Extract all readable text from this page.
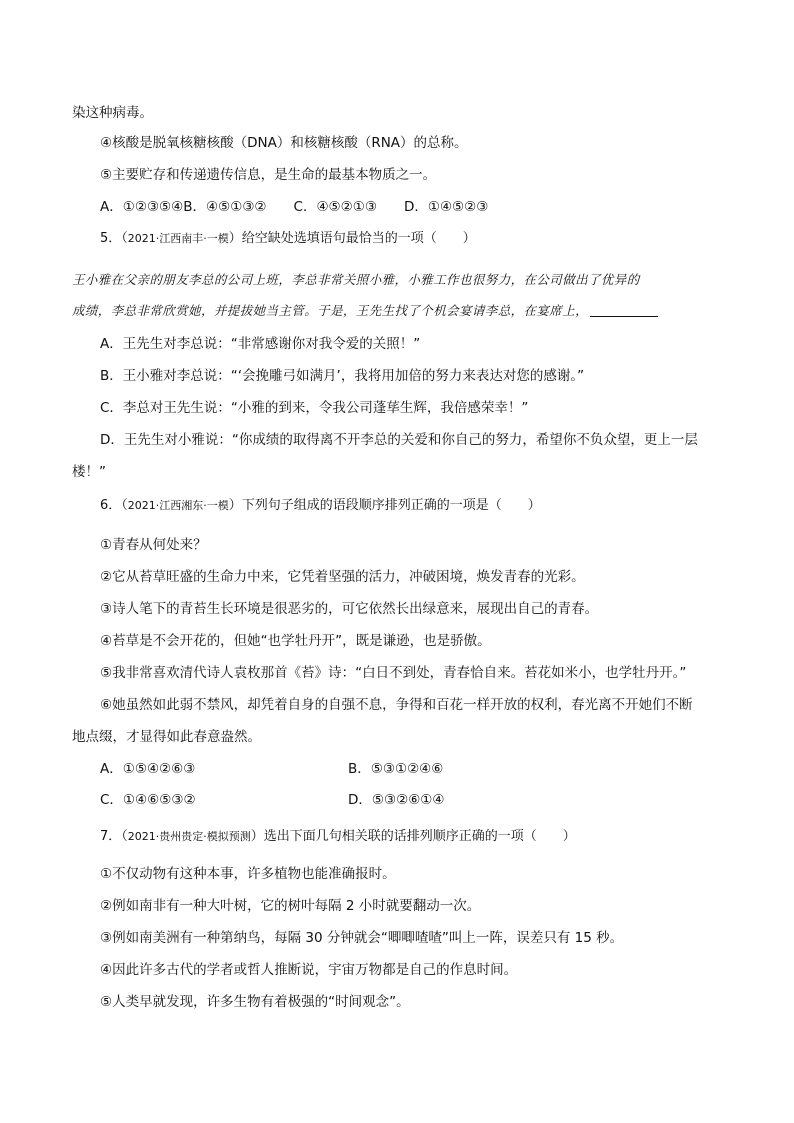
染这种病毒。
④核酸是脱氧核糖核酸（DNA）和核糖核酸（RNA）的总称。
⑤主要贮存和传递遗传信息，是生命的最基本物质之一。
A．①②③⑤④B．④⑤①③②　　C．④⑤②①③　　D．①④⑤②③
5．（2021·江西南丰·一模）给空缺处选填语句最恰当的一项（　　）
王小雅在父亲的朋友李总的公司上班，李总非常关照小雅，小雅工作也很努力，在公司做出了优异的
成绩，李总非常欣赏她，并提拔她当主管。于是，王先生找了个机会宴请李总，在宴席上，
A．王先生对李总说：“非常感谢你对我令爱的关照！”
B．王小雅对李总说：“‘会挽雕弓如满月’，我将用加倍的努力来表达对您的感谢。”
C．李总对王先生说：“小雅的到来，令我公司蓬荜生辉，我倍感荣幸！”
D．王先生对小雅说：“你成绩的取得离不开李总的关爱和你自己的努力，希望你不负众望，更上一层
楼！”
6．（2021·江西湘东·一模）下列句子组成的语段顺序排列正确的一项是（　　）
①青春从何处来？
②它从苔草旺盛的生命力中来，它凭着坚强的活力，冲破困境，焕发青春的光彩。
③诗人笔下的青苔生长环境是很恶劣的，可它依然长出绿意来，展现出自己的青春。
④苔草是不会开花的，但她“也学牡丹开”，既是谦逊，也是骄傲。
⑤我非常喜欢清代诗人袁枚那首《苔》诗：“白日不到处，青春恰自来。苔花如米小，也学牡丹开。”
⑥她虽然如此弱不禁风，却凭着自身的自强不息，争得和百花一样开放的权利，春光离不开她们不断
地点缀，才显得如此春意盎然。
A．①⑤④②⑥③	B．⑤③①②④⑥
C．①④⑥⑤③②	D．⑤③②⑥①④
7．（2021·贵州贵定·模拟预测）选出下面几句相关联的话排列顺序正确的一项（　　）
①不仅动物有这种本事，许多植物也能准确报时。
②例如南非有一种大叶树，它的树叶每隔 2 小时就要翻动一次。
③例如南美洲有一种第纳鸟，每隔 30 分钟就会“唧唧喳喳”叫上一阵，误差只有 15 秒。
④因此许多古代的学者或哲人推断说，宇宙万物都是自己的作息时间。
⑤人类早就发现，许多生物有着极强的“时间观念”。
